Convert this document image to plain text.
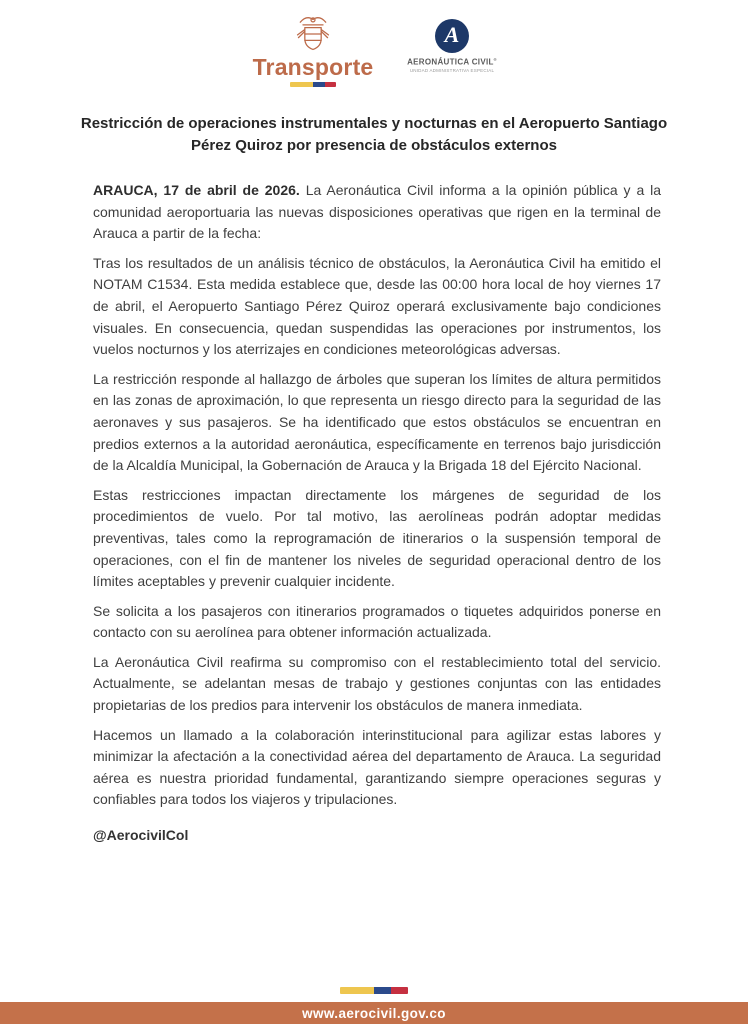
Transporte
A
AERONÁUTICA CIVIL®
UNIDAD ADMINISTRATIVA ESPECIAL
Restricción de operaciones instrumentales y nocturnas en el Aeropuerto Santiago
Pérez Quiroz por presencia de obstáculos externos

ARAUCA, 17 de abril de 2026. La Aeronáutica Civil informa a la opinión pública y a la comunidad aeroportuaria las nuevas disposiciones operativas que rigen en la terminal de Arauca a partir de la fecha:

Tras los resultados de un análisis técnico de obstáculos, la Aeronáutica Civil ha emitido el NOTAM C1534. Esta medida establece que, desde las 00:00 hora local de hoy viernes 17 de abril, el Aeropuerto Santiago Pérez Quiroz operará exclusivamente bajo condiciones visuales. En consecuencia, quedan suspendidas las operaciones por instrumentos, los vuelos nocturnos y los aterrizajes en condiciones meteorológicas adversas.

La restricción responde al hallazgo de árboles que superan los límites de altura permitidos en las zonas de aproximación, lo que representa un riesgo directo para la seguridad de las aeronaves y sus pasajeros. Se ha identificado que estos obstáculos se encuentran en predios externos a la autoridad aeronáutica, específicamente en terrenos bajo jurisdicción de la Alcaldía Municipal, la Gobernación de Arauca y la Brigada 18 del Ejército Nacional.

Estas restricciones impactan directamente los márgenes de seguridad de los procedimientos de vuelo. Por tal motivo, las aerolíneas podrán adoptar medidas preventivas, tales como la reprogramación de itinerarios o la suspensión temporal de operaciones, con el fin de mantener los niveles de seguridad operacional dentro de los límites aceptables y prevenir cualquier incidente.

Se solicita a los pasajeros con itinerarios programados o tiquetes adquiridos ponerse en contacto con su aerolínea para obtener información actualizada.

La Aeronáutica Civil reafirma su compromiso con el restablecimiento total del servicio. Actualmente, se adelantan mesas de trabajo y gestiones conjuntas con las entidades propietarias de los predios para intervenir los obstáculos de manera inmediata.

Hacemos un llamado a la colaboración interinstitucional para agilizar estas labores y minimizar la afectación a la conectividad aérea del departamento de Arauca. La seguridad aérea es nuestra prioridad fundamental, garantizando siempre operaciones seguras y confiables para todos los viajeros y tripulaciones.

@AerocivilCol

www.aerocivil.gov.co
